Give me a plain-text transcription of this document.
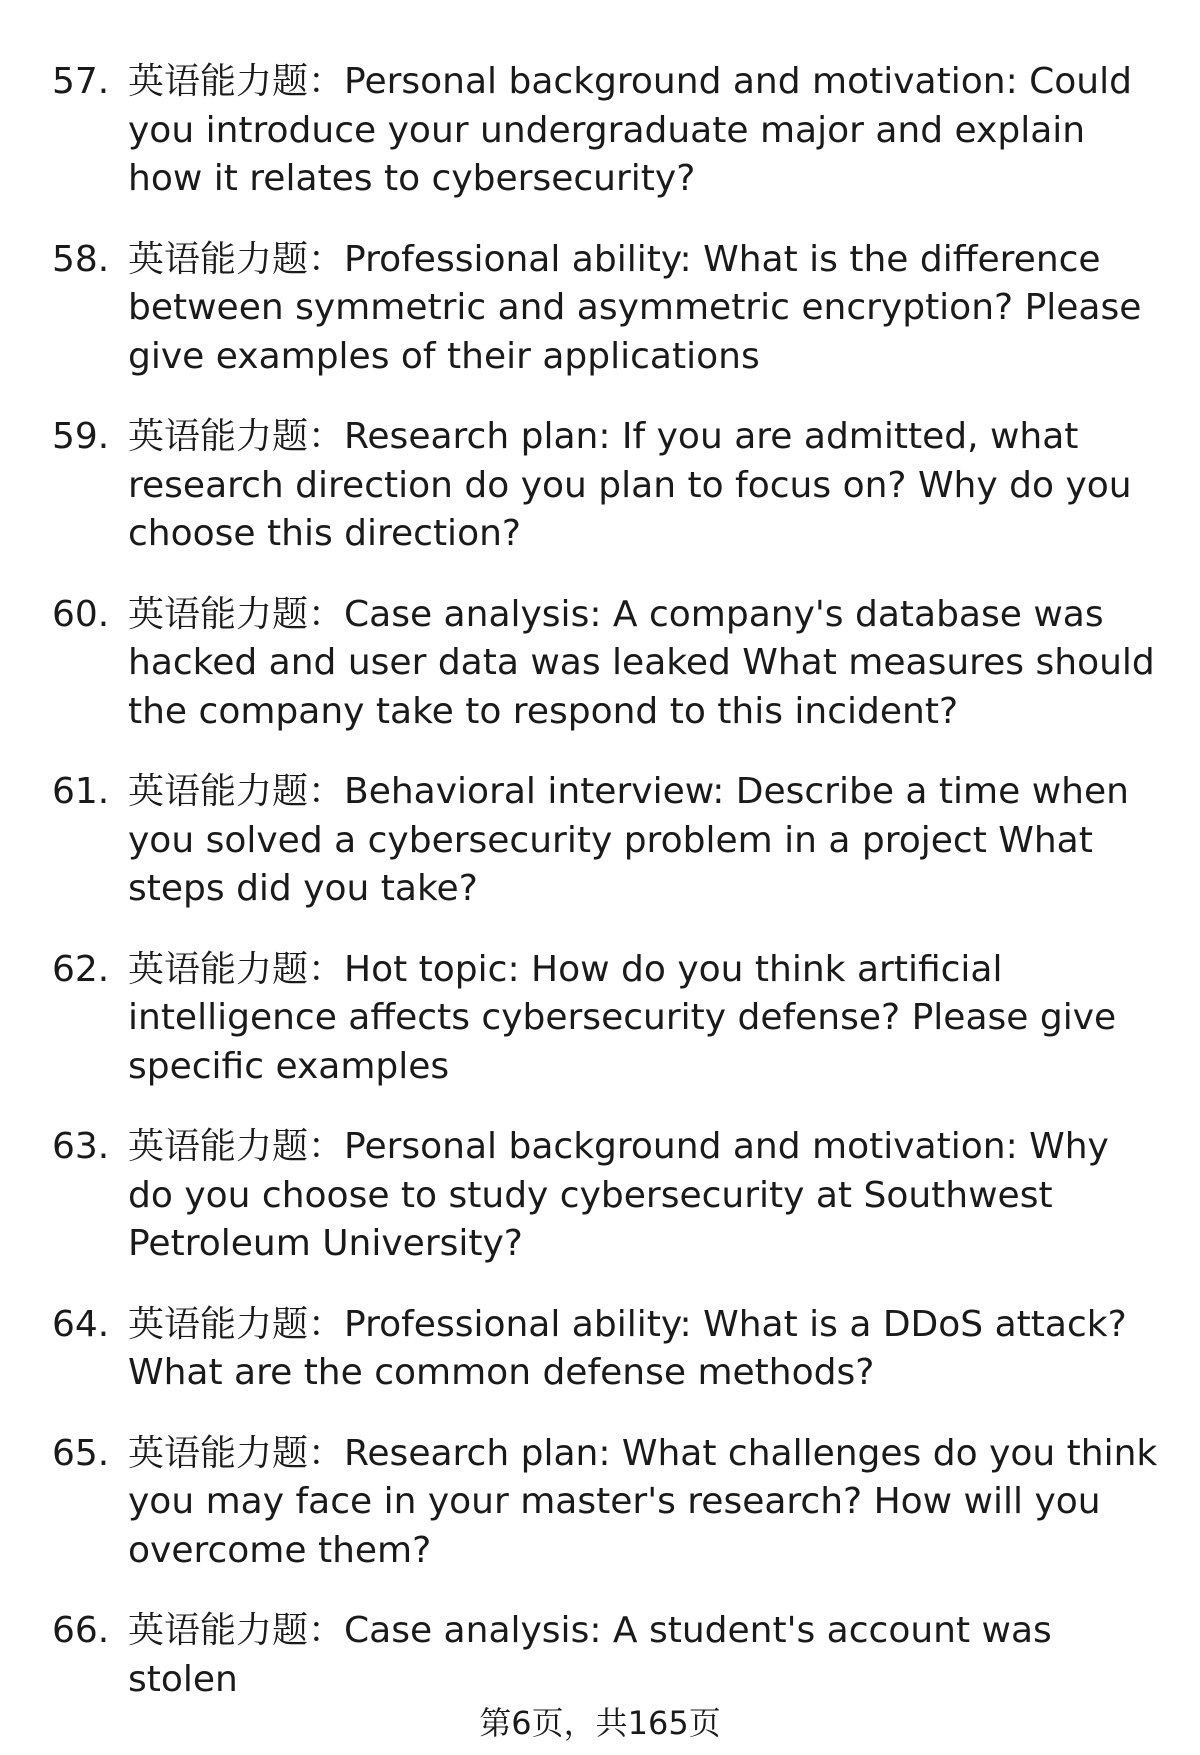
57. 英语能力题：Personal background and motivation: Could you introduce your undergraduate major and explain how it relates to cybersecurity?
58. 英语能力题：Professional ability: What is the difference between symmetric and asymmetric encryption? Please give examples of their applications
59. 英语能力题：Research plan: If you are admitted, what research direction do you plan to focus on? Why do you choose this direction?
60. 英语能力题：Case analysis: A company's database was hacked and user data was leaked What measures should the company take to respond to this incident?
61. 英语能力题：Behavioral interview: Describe a time when you solved a cybersecurity problem in a project What steps did you take?
62. 英语能力题：Hot topic: How do you think artificial intelligence affects cybersecurity defense? Please give specific examples
63. 英语能力题：Personal background and motivation: Why do you choose to study cybersecurity at Southwest Petroleum University?
64. 英语能力题：Professional ability: What is a DDoS attack? What are the common defense methods?
65. 英语能力题：Research plan: What challenges do you think you may face in your master's research? How will you overcome them?
66. 英语能力题：Case analysis: A student's account was stolen
第6页，共165页
